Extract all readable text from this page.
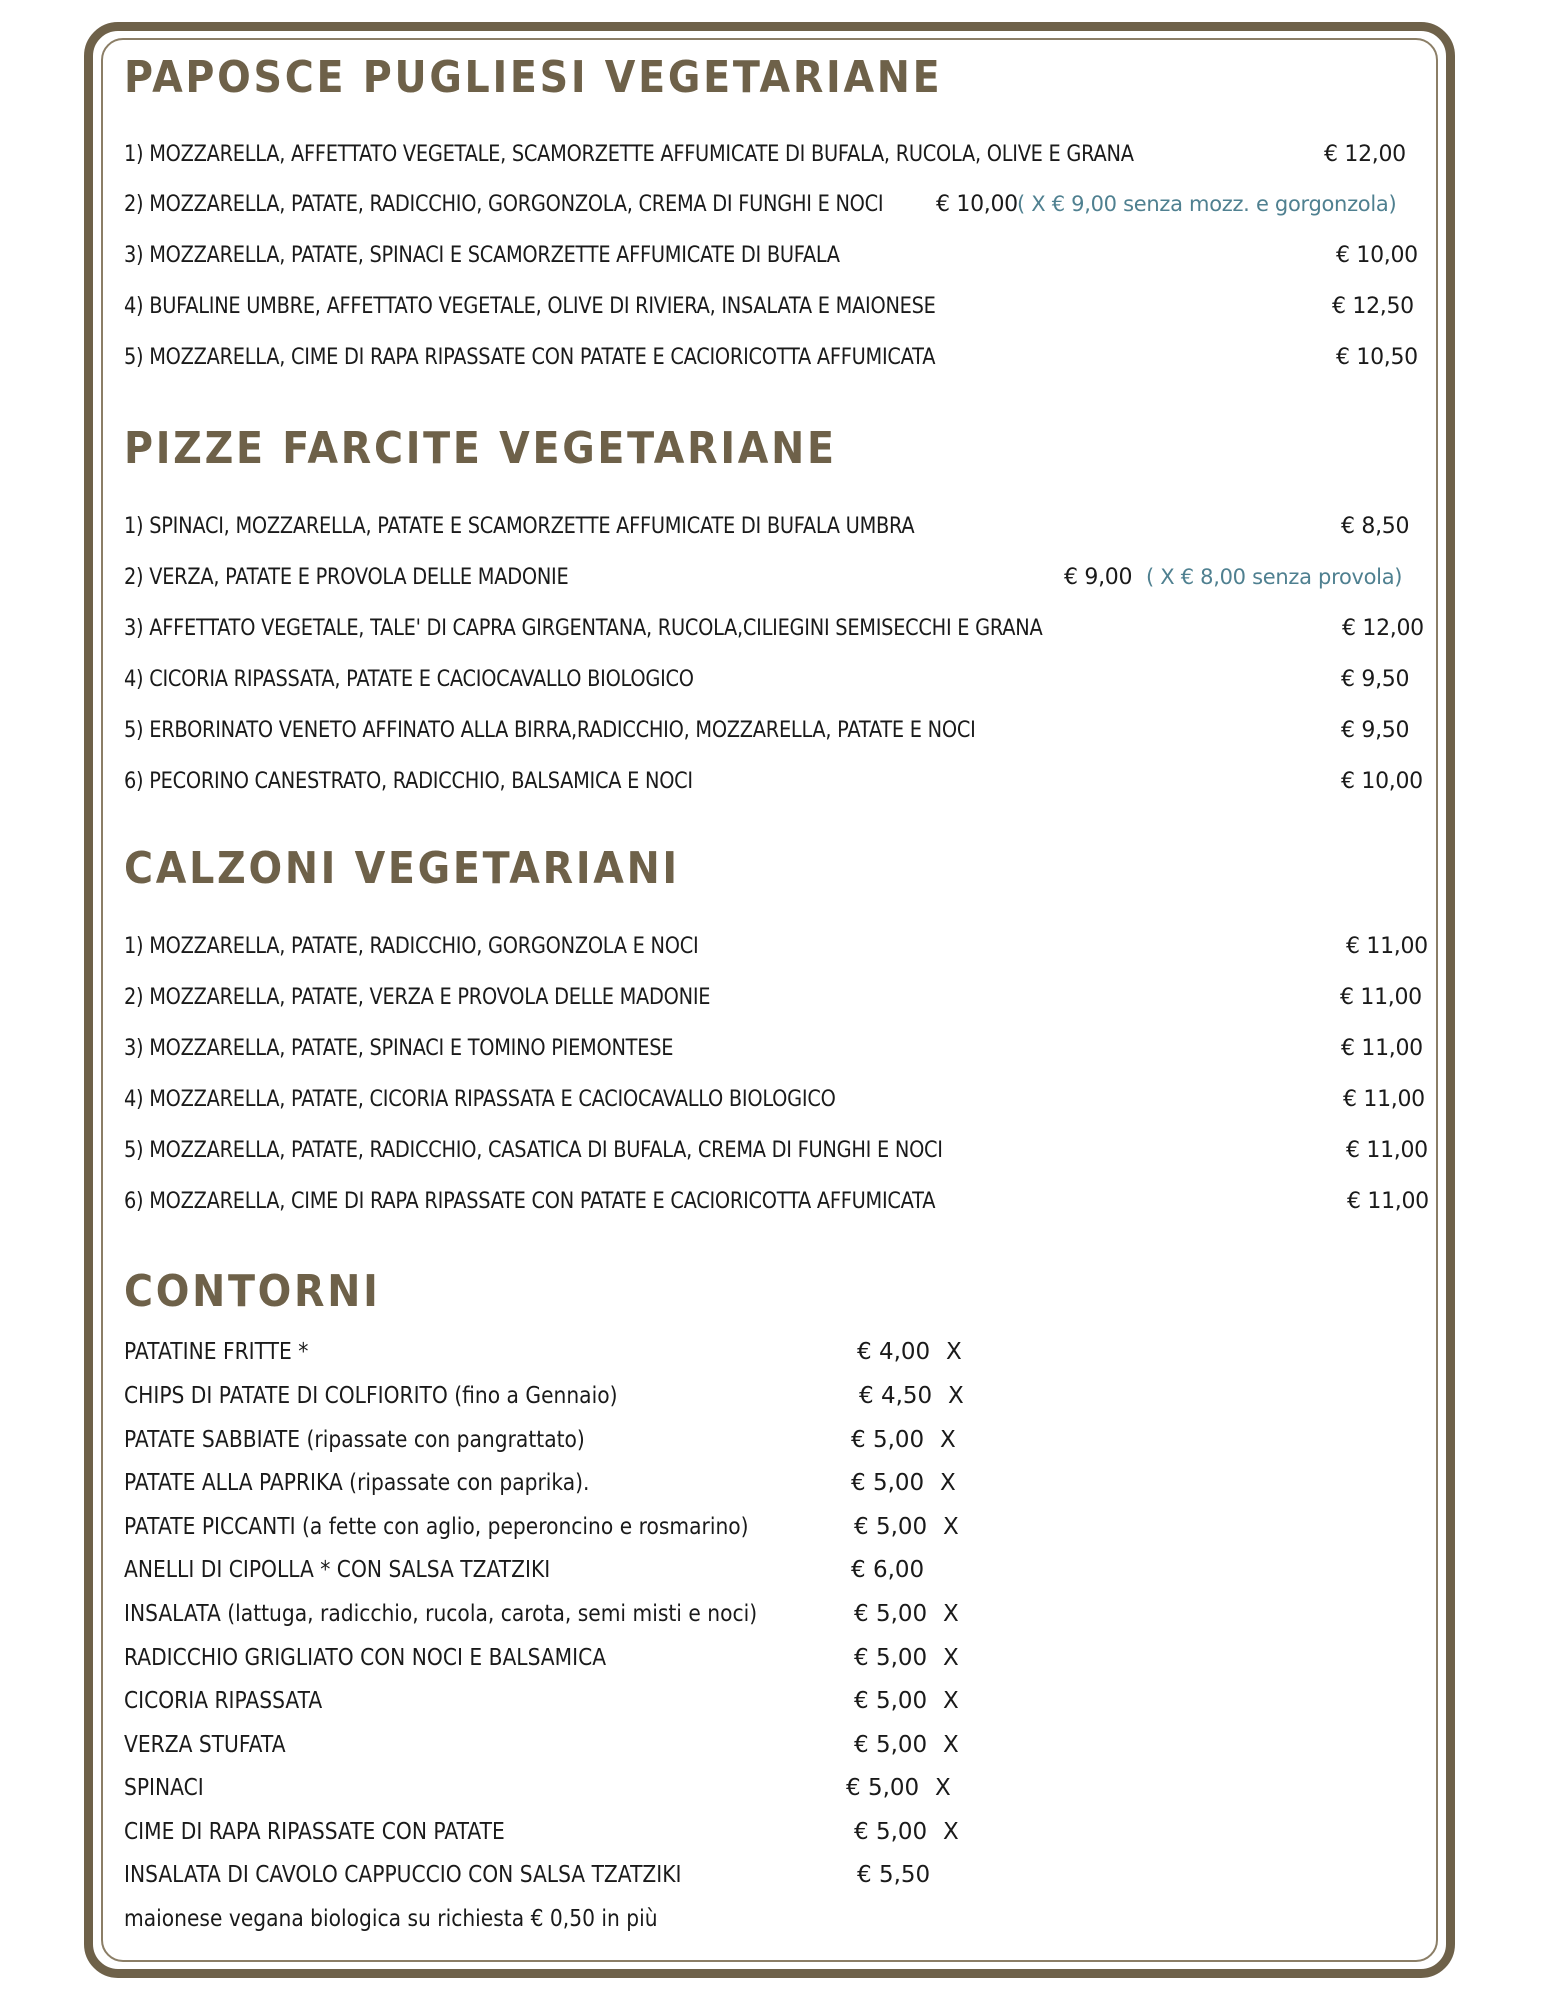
PAPOSCE PUGLIESI VEGETARIANE
1) MOZZARELLA, AFFETTATO VEGETALE, SCAMORZETTE AFFUMICATE DI BUFALA, RUCOLA, OLIVE E GRANA	€ 12,00
2) MOZZARELLA, PATATE, RADICCHIO, GORGONZOLA, CREMA DI FUNGHI E NOCI € 10,00 ( X € 9,00 senza mozz. e gorgonzola)
3) MOZZARELLA, PATATE, SPINACI E SCAMORZETTE AFFUMICATE DI BUFALA	€ 10,00
4) BUFALINE UMBRE, AFFETTATO VEGETALE, OLIVE DI RIVIERA, INSALATA E MAIONESE	€ 12,50
5) MOZZARELLA, CIME DI RAPA RIPASSATE CON PATATE E CACIORICOTTA AFFUMICATA	€ 10,50
PIZZE FARCITE VEGETARIANE
1) SPINACI, MOZZARELLA, PATATE E SCAMORZETTE AFFUMICATE DI BUFALA UMBRA	€ 8,50
2) VERZA, PATATE E PROVOLA DELLE MADONIE	€ 9,00 ( X € 8,00 senza provola)
3) AFFETTATO VEGETALE, TALE' DI CAPRA GIRGENTANA, RUCOLA,CILIEGINI SEMISECCHI E GRANA	€ 12,00
4) CICORIA RIPASSATA, PATATE E CACIOCAVALLO BIOLOGICO	€ 9,50
5) ERBORINATO VENETO AFFINATO ALLA BIRRA,RADICCHIO, MOZZARELLA, PATATE E NOCI	€ 9,50
6) PECORINO CANESTRATO, RADICCHIO, BALSAMICA E NOCI	€ 10,00
CALZONI VEGETARIANI
1) MOZZARELLA, PATATE, RADICCHIO, GORGONZOLA E NOCI	€ 11,00
2) MOZZARELLA, PATATE, VERZA E PROVOLA DELLE MADONIE	€ 11,00
3) MOZZARELLA, PATATE, SPINACI E TOMINO PIEMONTESE	€ 11,00
4) MOZZARELLA, PATATE, CICORIA RIPASSATA E CACIOCAVALLO BIOLOGICO	€ 11,00
5) MOZZARELLA, PATATE, RADICCHIO, CASATICA DI BUFALA, CREMA DI FUNGHI E NOCI	€ 11,00
6) MOZZARELLA, CIME DI RAPA RIPASSATE CON PATATE E CACIORICOTTA AFFUMICATA	€ 11,00
CONTORNI
PATATINE FRITTE *	€ 4,00 X
CHIPS DI PATATE DI COLFIORITO (fino a Gennaio)	€ 4,50 X
PATATE SABBIATE (ripassate con pangrattato)	€ 5,00 X
PATATE ALLA PAPRIKA (ripassate con paprika).	€ 5,00 X
PATATE PICCANTI (a fette con aglio, peperoncino e rosmarino)	€ 5,00 X
ANELLI DI CIPOLLA * CON SALSA TZATZIKI	€ 6,00
INSALATA (lattuga, radicchio, rucola, carota, semi misti e noci)	€ 5,00 X
RADICCHIO GRIGLIATO CON NOCI E BALSAMICA	€ 5,00 X
CICORIA RIPASSATA	€ 5,00 X
VERZA STUFATA	€ 5,00 X
SPINACI	€ 5,00 X
CIME DI RAPA RIPASSATE CON PATATE	€ 5,00 X
INSALATA DI CAVOLO CAPPUCCIO CON SALSA TZATZIKI	€ 5,50
maionese vegana biologica su richiesta € 0,50 in più
